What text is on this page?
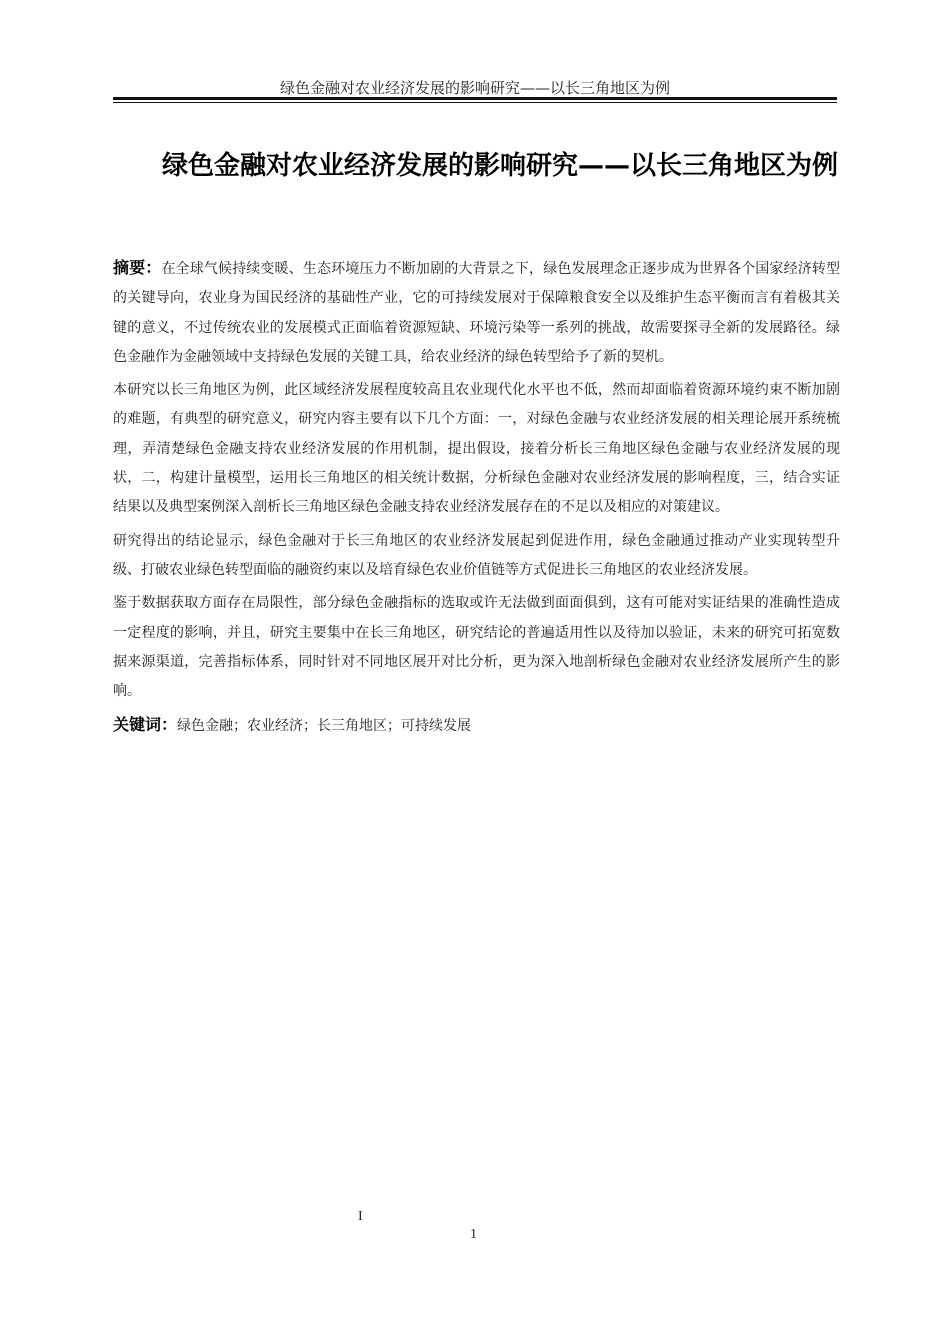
绿色金融对农业经济发展的影响研究——以长三角地区为例
绿色金融对农业经济发展的影响研究——以长三角地区为例

摘要：在全球气候持续变暖、生态环境压力不断加剧的大背景之下，绿色发展理念正逐步成为世界各个国家经济转型的关键导向，农业身为国民经济的基础性产业，它的可持续发展对于保障粮食安全以及维护生态平衡而言有着极其关键的意义，不过传统农业的发展模式正面临着资源短缺、环境污染等一系列的挑战，故需要探寻全新的发展路径。绿色金融作为金融领域中支持绿色发展的关键工具，给农业经济的绿色转型给予了新的契机。

本研究以长三角地区为例，此区域经济发展程度较高且农业现代化水平也不低，然而却面临着资源环境约束不断加剧的难题，有典型的研究意义，研究内容主要有以下几个方面：一，对绿色金融与农业经济发展的相关理论展开系统梳理，弄清楚绿色金融支持农业经济发展的作用机制，提出假设，接着分析长三角地区绿色金融与农业经济发展的现状，二，构建计量模型，运用长三角地区的相关统计数据，分析绿色金融对农业经济发展的影响程度，三，结合实证结果以及典型案例深入剖析长三角地区绿色金融支持农业经济发展存在的不足以及相应的对策建议。

研究得出的结论显示，绿色金融对于长三角地区的农业经济发展起到促进作用，绿色金融通过推动产业实现转型升级、打破农业绿色转型面临的融资约束以及培育绿色农业价值链等方式促进长三角地区的农业经济发展。

鉴于数据获取方面存在局限性，部分绿色金融指标的选取或许无法做到面面俱到，这有可能对实证结果的准确性造成一定程度的影响，并且，研究主要集中在长三角地区，研究结论的普遍适用性以及待加以验证，未来的研究可拓宽数据来源渠道，完善指标体系，同时针对不同地区展开对比分析，更为深入地剖析绿色金融对农业经济发展所产生的影响。

关键词：绿色金融；农业经济；长三角地区；可持续发展

I
1
